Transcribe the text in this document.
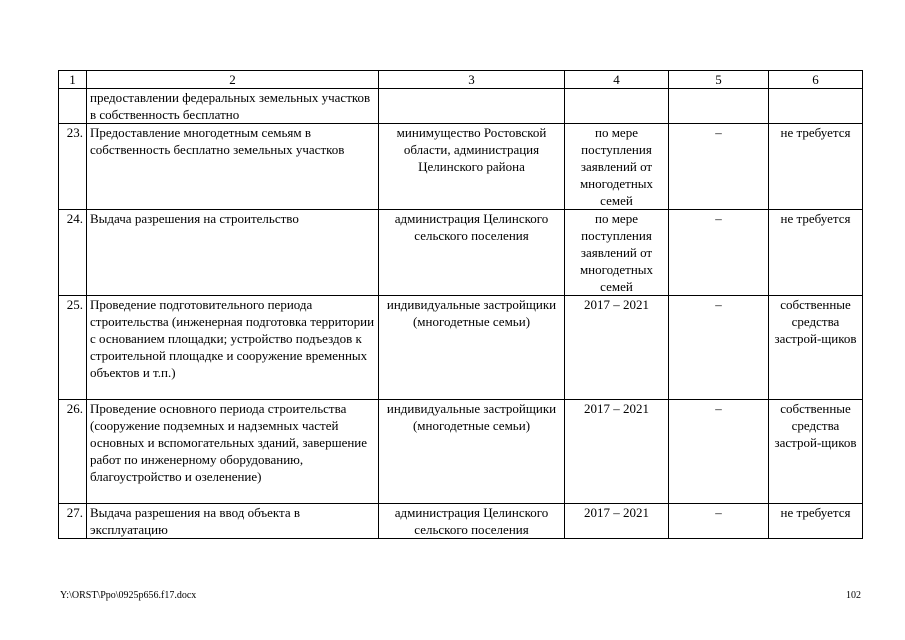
1	2	3	4	5	6
	предоставлении федеральных земельных участков в собственность бесплатно				
23.	Предоставление многодетным семьям в собственность бесплатно земельных участков	минимущество Ростовской области, администрация Целинского района	по мере поступления заявлений от многодетных семей	–	не требуется
24.	Выдача разрешения на строительство	администрация Целинского сельского поселения	по мере поступления заявлений от многодетных семей	–	не требуется
25.	Проведение подготовительного периода строительства (инженерная подготовка территории с основанием площадки; устройство подъездов к строительной площадке и сооружение временных объектов и т.п.)	индивидуальные застройщики (многодетные семьи)	2017 – 2021	–	собственные средства застрой-щиков
26.	Проведение основного периода строительства (сооружение подземных и надземных частей основных и вспомогательных зданий, завершение работ по инженерному оборудованию, благоустройство и озеленение)	индивидуальные застройщики (многодетные семьи)	2017 – 2021	–	собственные средства застрой-щиков
27.	Выдача разрешения на ввод объекта в эксплуатацию	администрация Целинского сельского поселения	2017 – 2021	–	не требуется
Y:\ORST\Ppo\0925p656.f17.docx	102
